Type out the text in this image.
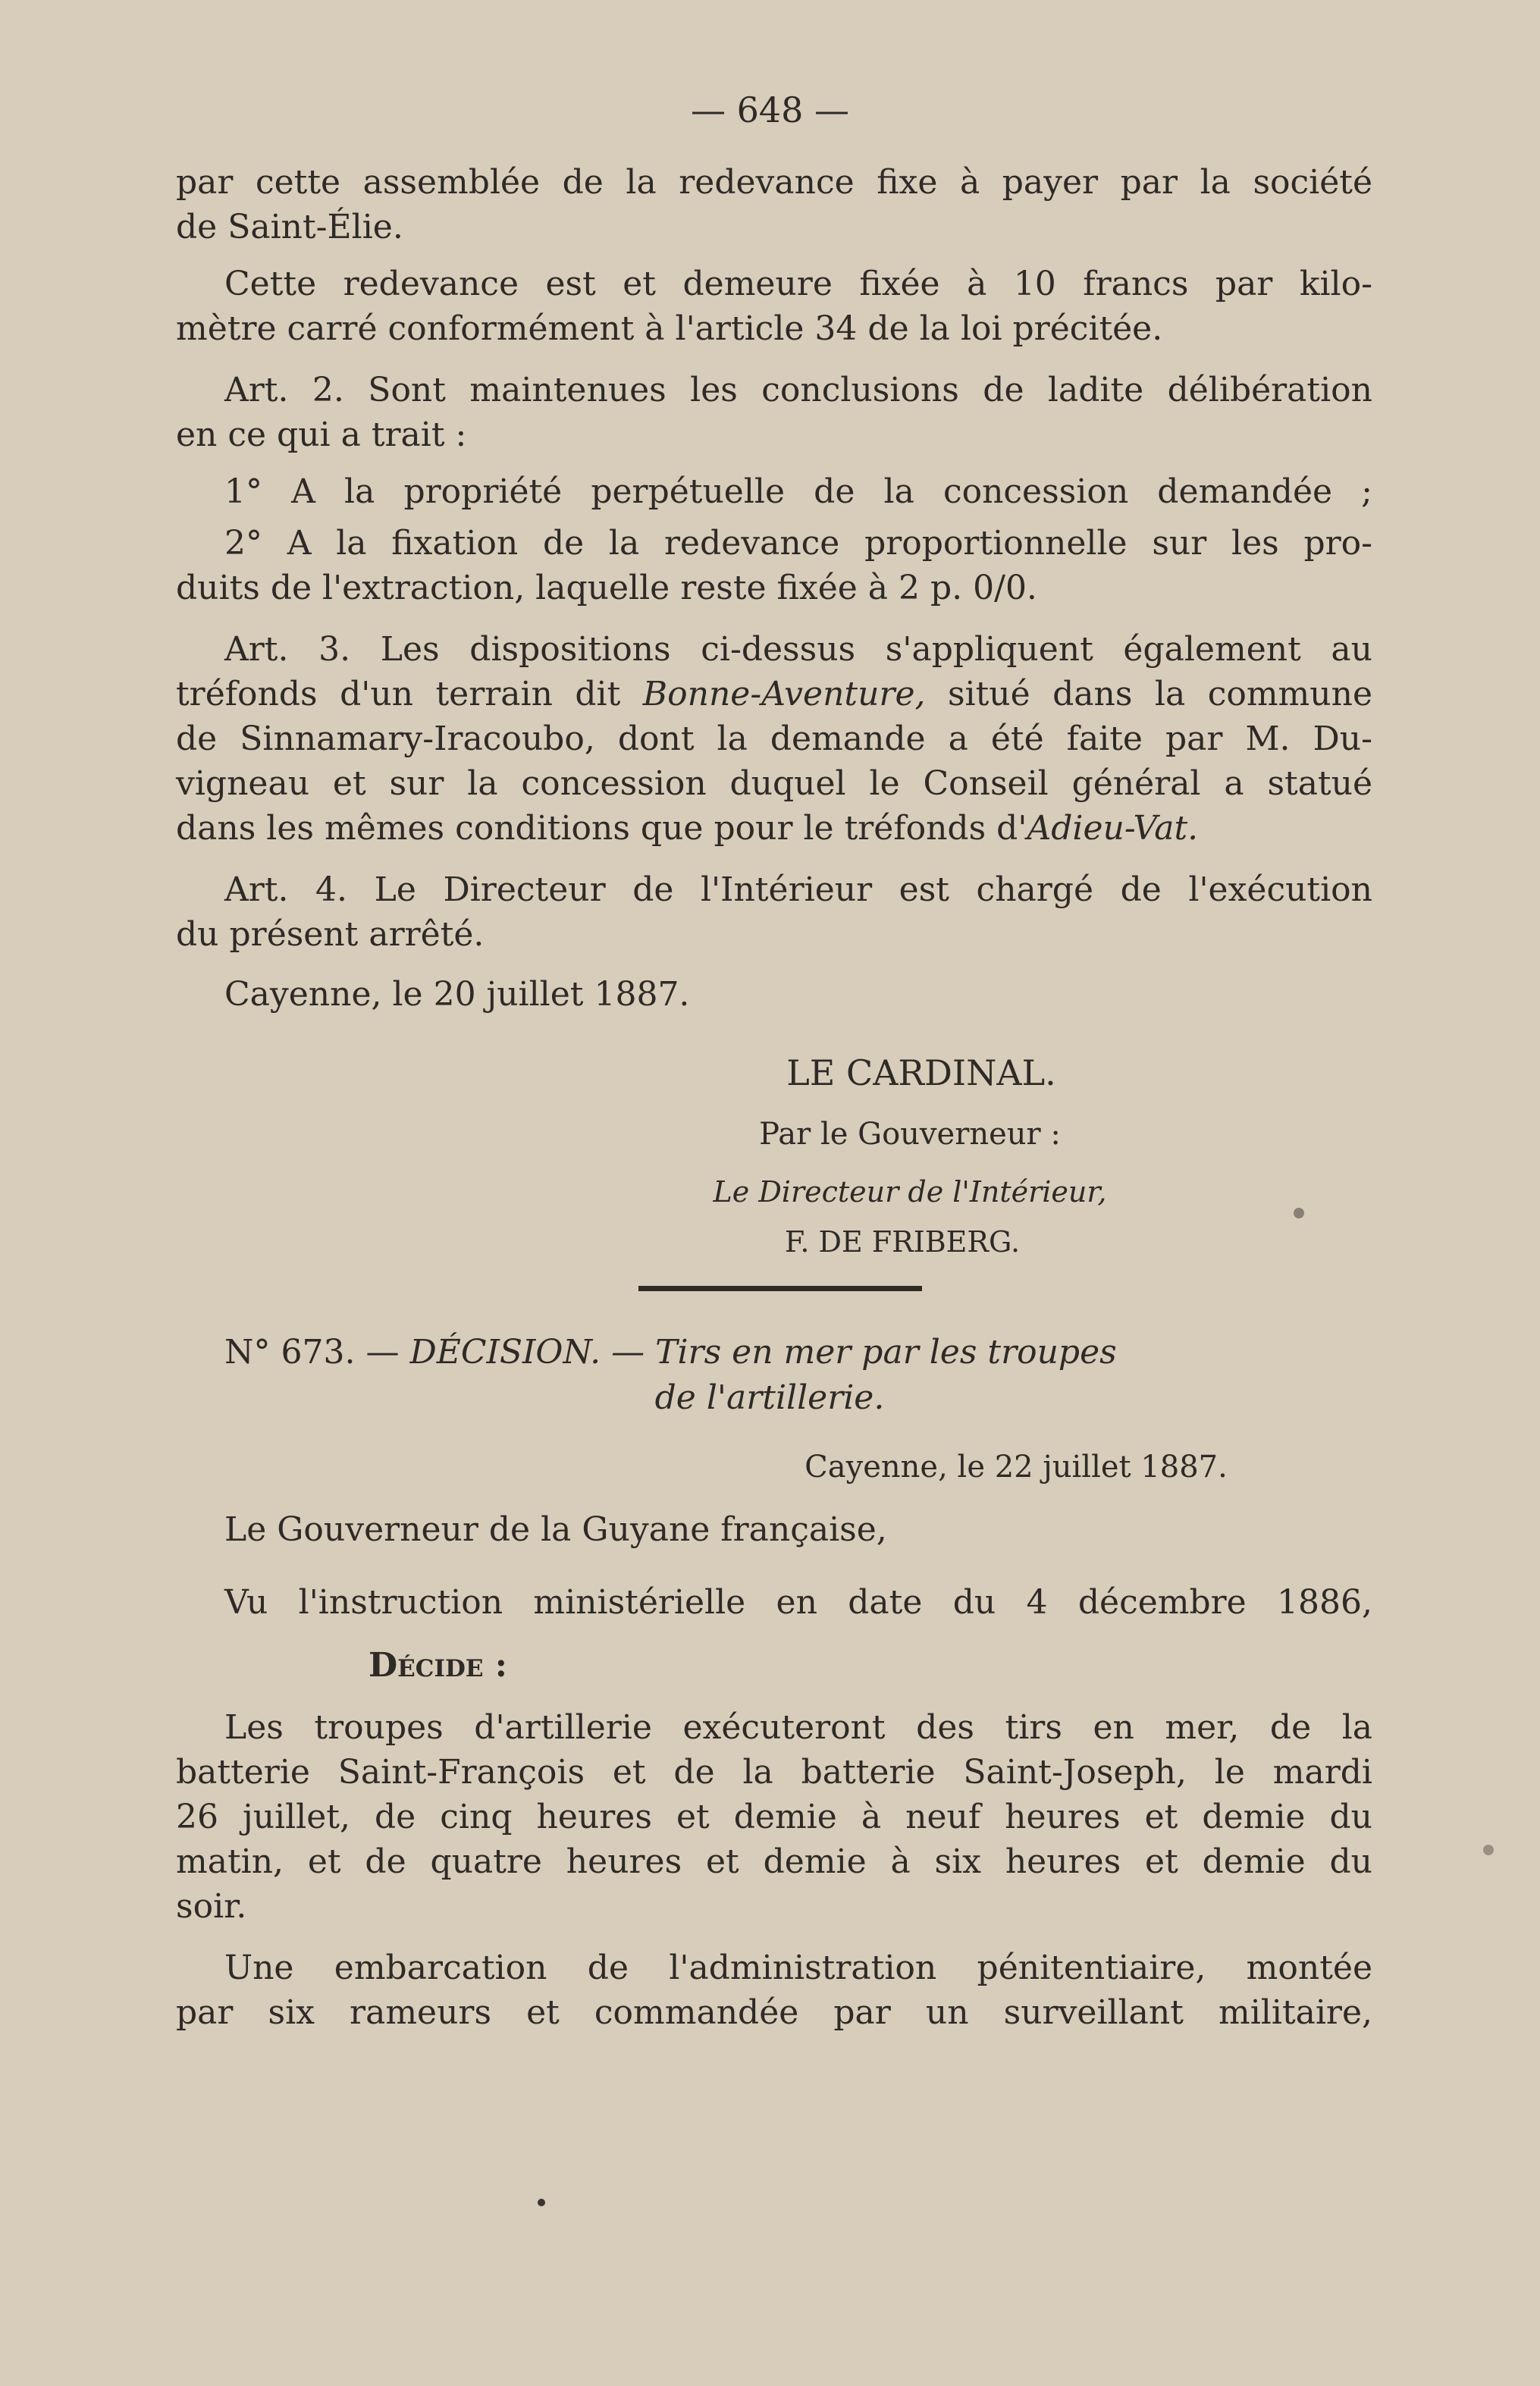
— 648 —
par cette assemblée de la redevance fixe à payer par la société
de Saint-Élie.
Cette redevance est et demeure fixée à 10 francs par kilo-
mètre carré conformément à l'article 34 de la loi précitée.
Art. 2. Sont maintenues les conclusions de ladite délibération
en ce qui a trait :
1° A la propriété perpétuelle de la concession demandée ;
2° A la fixation de la redevance proportionnelle sur les pro-
duits de l'extraction, laquelle reste fixée à 2 p. 0/0.
Art. 3. Les dispositions ci-dessus s'appliquent également au
tréfonds d'un terrain dit Bonne-Aventure, situé dans la commune
de Sinnamary-Iracoubo, dont la demande a été faite par M. Du-
vigneau et sur la concession duquel le Conseil général a statué
dans les mêmes conditions que pour le tréfonds d'Adieu-Vat.
Art. 4. Le Directeur de l'Intérieur est chargé de l'exécution
du présent arrêté.
Cayenne, le 20 juillet 1887.
LE CARDINAL.
Par le Gouverneur :
Le Directeur de l'Intérieur,
F. DE FRIBERG.
N° 673. — DÉCISION. — Tirs en mer par les troupes
de l'artillerie.
Cayenne, le 22 juillet 1887.
Le Gouverneur de la Guyane française,
Vu l'instruction ministérielle en date du 4 décembre 1886,
Décide :
Les troupes d'artillerie exécuteront des tirs en mer, de la
batterie Saint-François et de la batterie Saint-Joseph, le mardi
26 juillet, de cinq heures et demie à neuf heures et demie du
matin, et de quatre heures et demie à six heures et demie du
soir.
Une embarcation de l'administration pénitentiaire, montée
par six rameurs et commandée par un surveillant militaire,
